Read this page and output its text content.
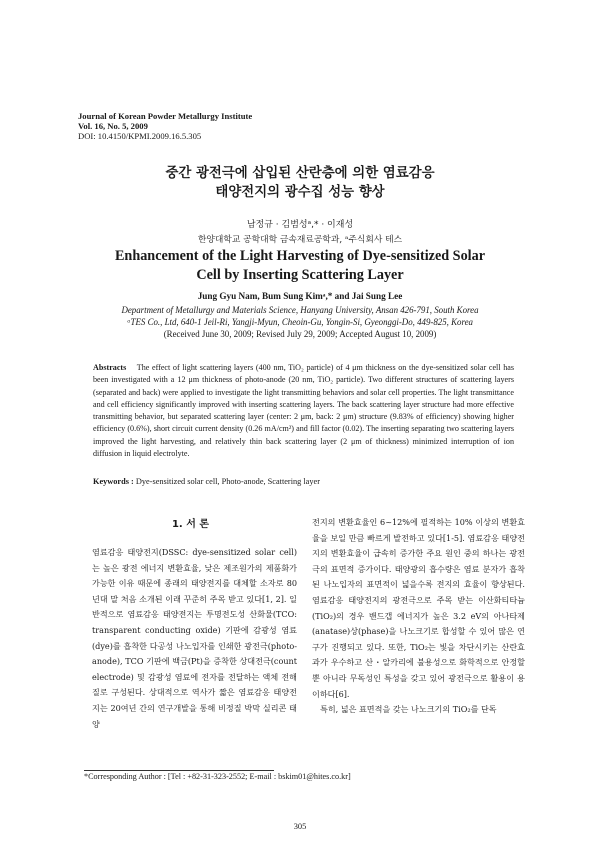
Journal of Korean Powder Metallurgy Institute
Vol. 16, No. 5, 2009
DOI: 10.4150/KPMI.2009.16.5.305
중간 광전극에 삽입된 산란층에 의한 염료감응
태양전지의 광수집 성능 향상
남정규 · 김범성ᵃ,* · 이재성
한양대학교 공학대학 금속재료공학과, ᵃ주식회사 테스
Enhancement of the Light Harvesting of Dye-sensitized Solar
Cell by Inserting Scattering Layer
Jung Gyu Nam, Bum Sung Kimᵃ,* and Jai Sung Lee
Department of Metallurgy and Materials Science, Hanyang University, Ansan 426-791, South Korea
ᵃTES Co., Ltd, 640-1 Jeil-Ri, Yangji-Myun, Cheoin-Gu, Yongin-Si, Gyeonggi-Do, 449-825, Korea
(Received June 30, 2009; Revised July 29, 2009; Accepted August 10, 2009)
Abstracts The effect of light scattering layers (400 nm, TiO₂ particle) of 4 μm thickness on the dye-sensitized solar cell has been investigated with a 12 μm thickness of photo-anode (20 nm, TiO₂ particle). Two different structures of scattering layers (separated and back) were applied to investigate the light transmitting behaviors and solar cell properties. The light transmittance and cell efficiency significantly improved with inserting scattering layers. The back scattering layer structure had more effective transmitting behavior, but separated scattering layer (center: 2 μm, back: 2 μm) structure (9.83% of efficiency) showing higher efficiency (0.6%), short circuit current density (0.26 mA/cm²) and fill factor (0.02). The inserting separating two scattering layers improved the light harvesting, and relatively thin back scattering layer (2 μm of thickness) minimized interruption of ion diffusion in liquid electrolyte.
Keywords : Dye-sensitized solar cell, Photo-anode, Scattering layer
1. 서 론
염료감응 태양전지(DSSC: dye-sensitized solar cell)는 높은 광전 에너지 변환효율, 낮은 제조원가의 제품화가 가능한 이유 때문에 종래의 태양전지를 대체할 소자로 80년대 말 처음 소개된 이래 꾸준히 주목 받고 있다[1, 2]. 일반적으로 염료감응 태양전지는 투명전도성 산화물(TCO: transparent conducting oxide) 기판에 감광성 염료(dye)를 흡착한 다공성 나노입자를 인쇄한 광전극(photo-anode), TCO 기판에 백금(Pt)을 증착한 상대전극(count electrode) 및 감광성 염료에 전자를 전달하는 액체 전해질로 구성된다. 상대적으로 역사가 짧은 염료감응 태양전지는 20여년 간의 연구개발을 통해 비정질 박막 실리콘 태양
전지의 변환효율인 6~12%에 필적하는 10% 이상의 변환효율을 보일 만큼 빠르게 발전하고 있다[1-5]. 염료감응 태양전지의 변환효율이 급속히 증가한 주요 원인 중의 하나는 광전극의 표면적 증가이다. 태양광의 흡수량은 염료 분자가 흡착된 나노입자의 표면적이 넓을수록 전지의 효율이 향상된다. 염료감응 태양전지의 광전극으로 주목 받는 이산화티타늄(TiO₂)의 경우 밴드갭 에너지가 높은 3.2 eV의 아나타제(anatase)상(phase)을 나노크기로 합성할 수 있어 많은 연구가 진행되고 있다. 또한, TiO₂는 빛을 차단시키는 산란효과가 우수하고 산・알카리에 불용성으로 화학적으로 안정할 뿐 아니라 무독성인 특성을 갖고 있어 광전극으로 활용이 용이하다[6].
특히, 넓은 표면적을 갖는 나노크기의 TiO₂를 단독
*Corresponding Author : [Tel : +82-31-323-2552; E-mail : bskim01@hites.co.kr]
305
